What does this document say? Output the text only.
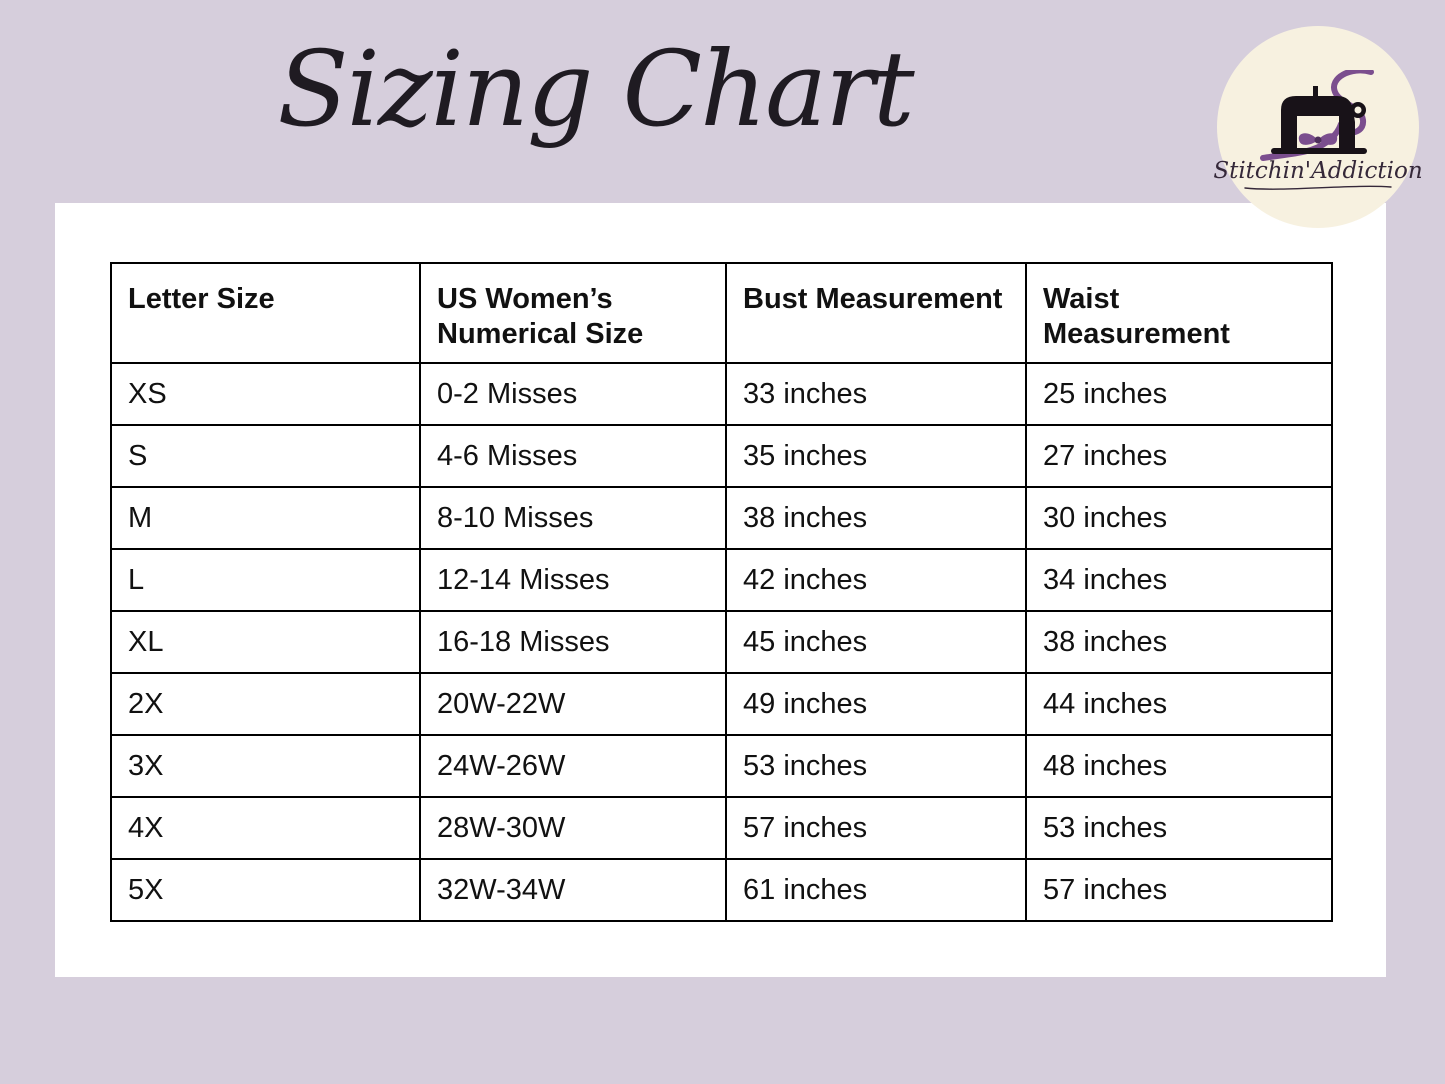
Sizing Chart
Stitchin'Addiction
Letter Size	US Women’s Numerical Size	Bust Measurement	Waist Measurement
XS	0-2 Misses	33 inches	25 inches
S	4-6 Misses	35 inches	27 inches
M	8-10 Misses	38 inches	30 inches
L	12-14 Misses	42 inches	34 inches
XL	16-18 Misses	45 inches	38 inches
2X	20W-22W	49 inches	44 inches
3X	24W-26W	53 inches	48 inches
4X	28W-30W	57 inches	53 inches
5X	32W-34W	61 inches	57 inches
